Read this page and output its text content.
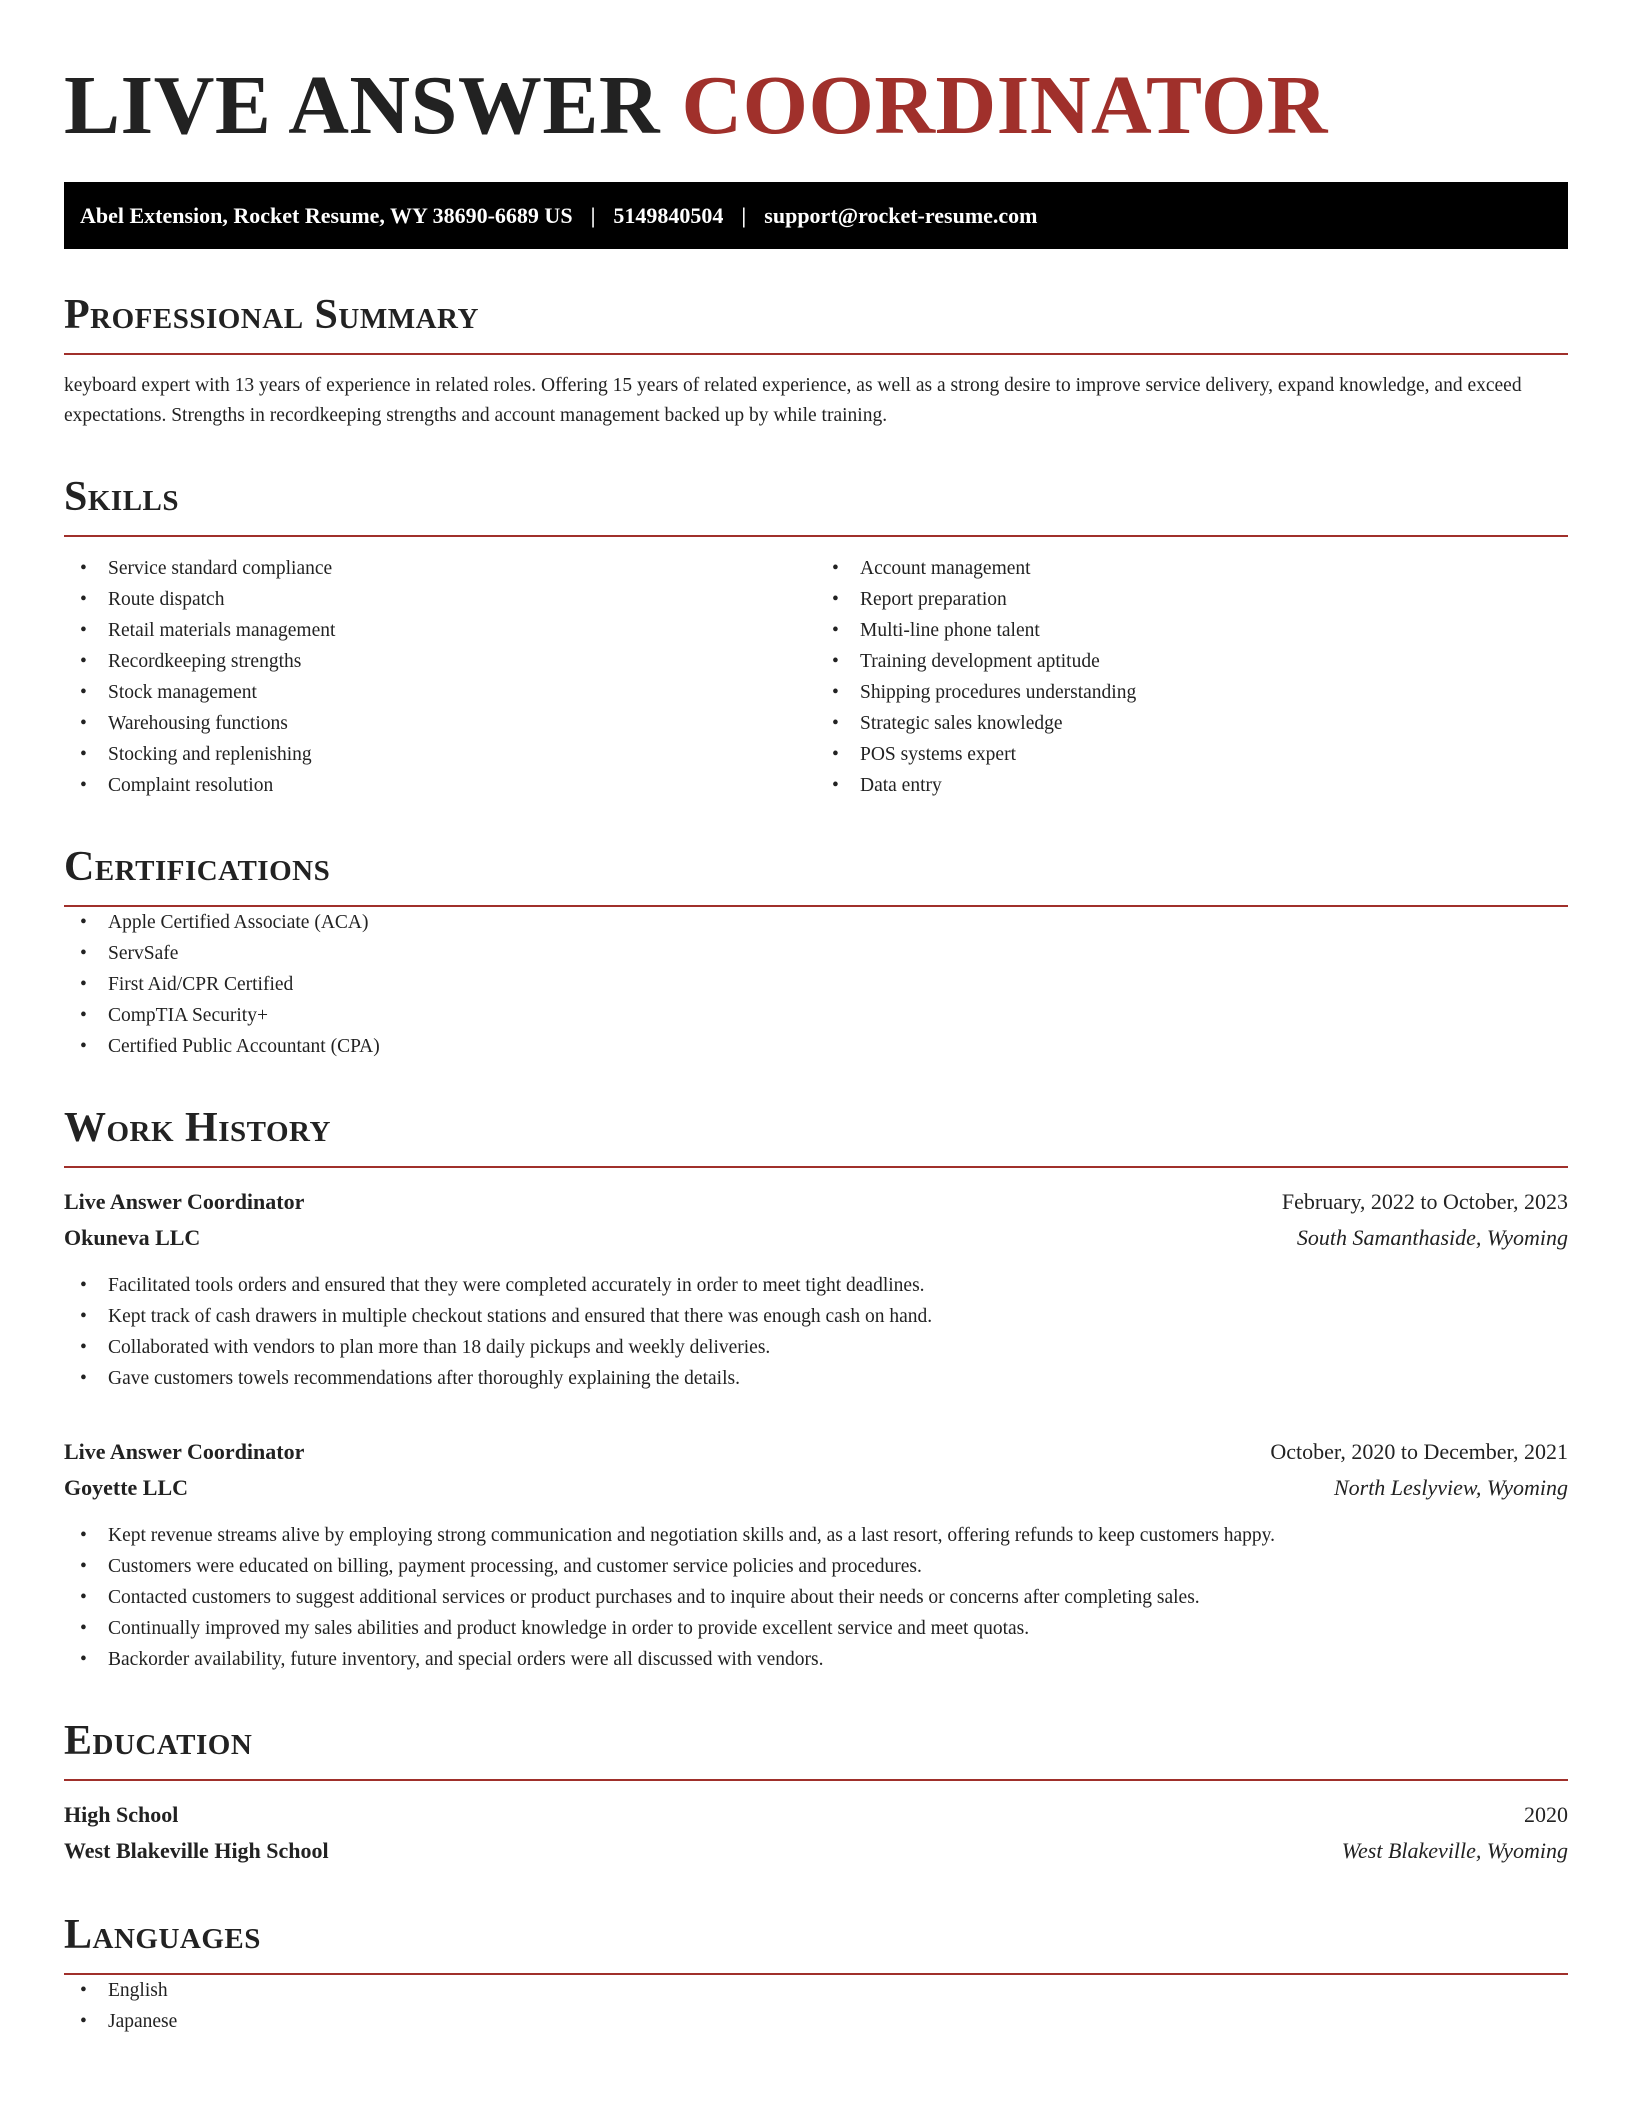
LIVE ANSWER COORDINATOR
Abel Extension, Rocket Resume, WY 38690-6689 US | 5149840504 | support@rocket-resume.com
Professional Summary
keyboard expert with 13 years of experience in related roles. Offering 15 years of related experience, as well as a strong desire to improve service delivery, expand knowledge, and exceed expectations. Strengths in recordkeeping strengths and account management backed up by while training.
Skills
• Service standard compliance
• Route dispatch
• Retail materials management
• Recordkeeping strengths
• Stock management
• Warehousing functions
• Stocking and replenishing
• Complaint resolution
• Account management
• Report preparation
• Multi-line phone talent
• Training development aptitude
• Shipping procedures understanding
• Strategic sales knowledge
• POS systems expert
• Data entry
Certifications
• Apple Certified Associate (ACA)
• ServSafe
• First Aid/CPR Certified
• CompTIA Security+
• Certified Public Accountant (CPA)
Work History
Live Answer Coordinator	February, 2022 to October, 2023
Okuneva LLC	South Samanthaside, Wyoming
• Facilitated tools orders and ensured that they were completed accurately in order to meet tight deadlines.
• Kept track of cash drawers in multiple checkout stations and ensured that there was enough cash on hand.
• Collaborated with vendors to plan more than 18 daily pickups and weekly deliveries.
• Gave customers towels recommendations after thoroughly explaining the details.
Live Answer Coordinator	October, 2020 to December, 2021
Goyette LLC	North Leslyview, Wyoming
• Kept revenue streams alive by employing strong communication and negotiation skills and, as a last resort, offering refunds to keep customers happy.
• Customers were educated on billing, payment processing, and customer service policies and procedures.
• Contacted customers to suggest additional services or product purchases and to inquire about their needs or concerns after completing sales.
• Continually improved my sales abilities and product knowledge in order to provide excellent service and meet quotas.
• Backorder availability, future inventory, and special orders were all discussed with vendors.
Education
High School	2020
West Blakeville High School	West Blakeville, Wyoming
Languages
• English
• Japanese
